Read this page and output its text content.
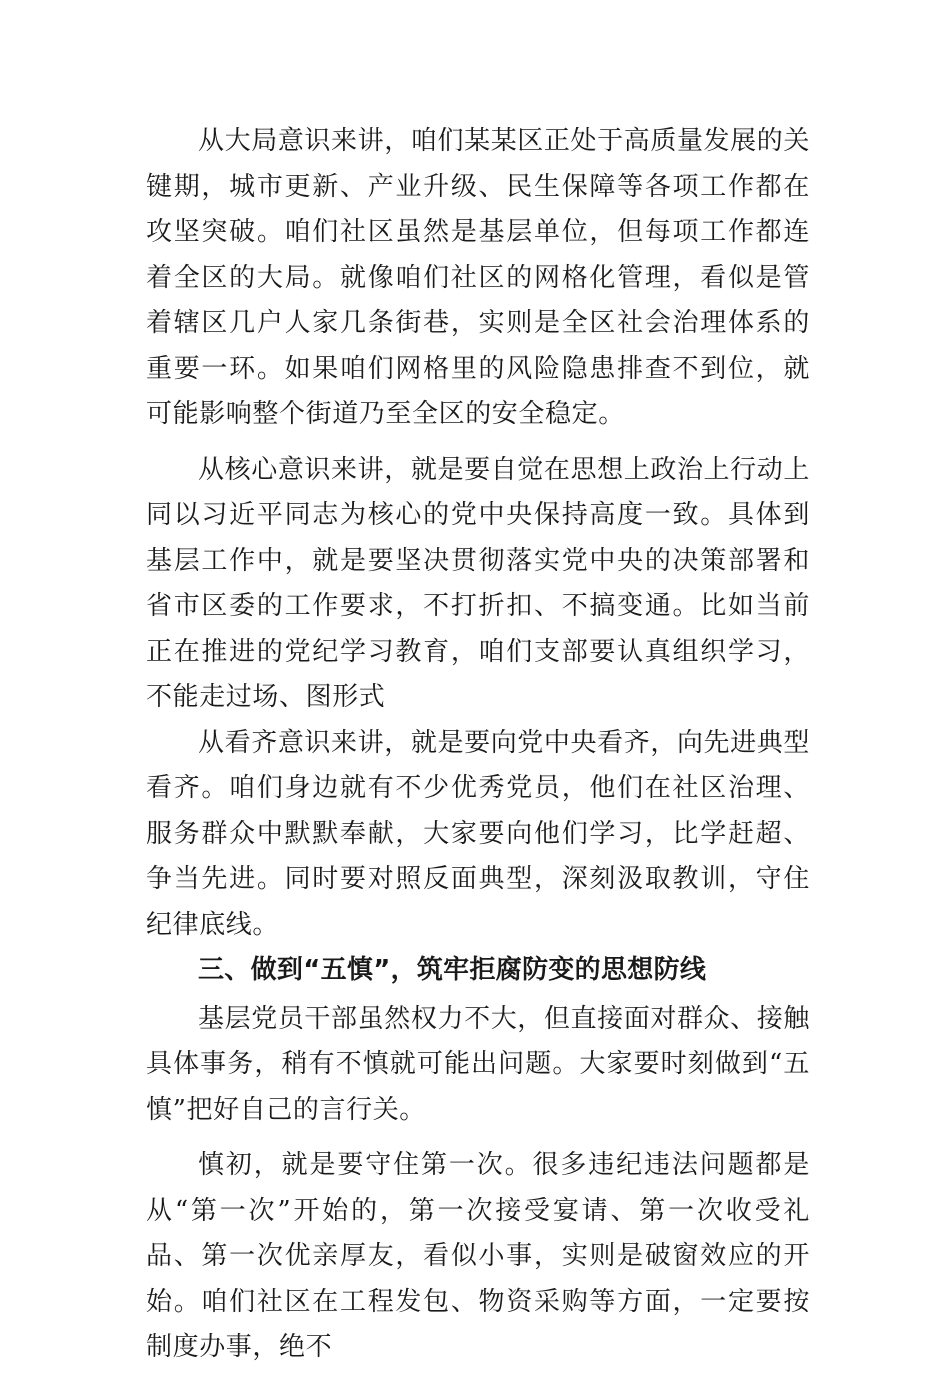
从大局意识来讲，咱们某某区正处于高质量发展的关键期，城市更新、产业升级、民生保障等各项工作都在攻坚突破。咱们社区虽然是基层单位，但每项工作都连着全区的大局。就像咱们社区的网格化管理，看似是管着辖区几户人家几条街巷，实则是全区社会治理体系的重要一环。如果咱们网格里的风险隐患排查不到位，就可能影响整个街道乃至全区的安全稳定。

从核心意识来讲，就是要自觉在思想上政治上行动上同以习近平同志为核心的党中央保持高度一致。具体到基层工作中，就是要坚决贯彻落实党中央的决策部署和省市区委的工作要求，不打折扣、不搞变通。比如当前正在推进的党纪学习教育，咱们支部要认真组织学习，不能走过场、图形式

从看齐意识来讲，就是要向党中央看齐，向先进典型看齐。咱们身边就有不少优秀党员，他们在社区治理、服务群众中默默奉献，大家要向他们学习，比学赶超、争当先进。同时要对照反面典型，深刻汲取教训，守住纪律底线。

三、做到“五慎”，筑牢拒腐防变的思想防线

基层党员干部虽然权力不大，但直接面对群众、接触具体事务，稍有不慎就可能出问题。大家要时刻做到“五慎”把好自己的言行关。

慎初，就是要守住第一次。很多违纪违法问题都是从“第一次”开始的，第一次接受宴请、第一次收受礼品、第一次优亲厚友，看似小事，实则是破窗效应的开始。咱们社区在工程发包、物资采购等方面，一定要按制度办事，绝不
